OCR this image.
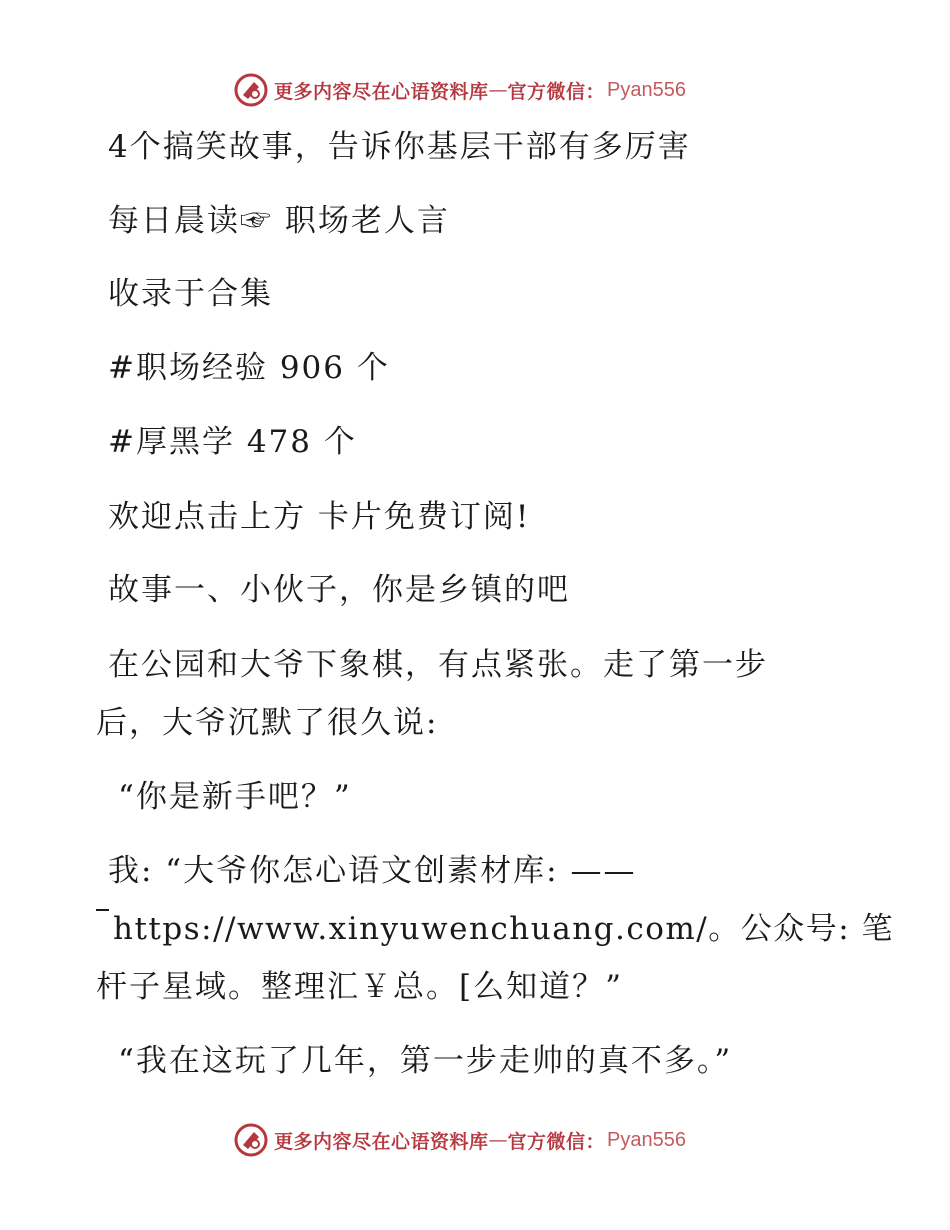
更多内容尽在心语资料库 — 官方微信： Pyan556
4个搞笑故事，告诉你基层干部有多厉害
每日晨读☞ 职场老人言
收录于合集
#职场经验 906 个
#厚黑学 478 个
欢迎点击上方 卡片免费订阅!
故事一、小伙子，你是乡镇的吧
在公园和大爷下象棋，有点紧张。走了第一步
后，大爷沉默了很久说:
“你是新手吧？”
我: “大爷你怎心语文创素材库: ——
https://www.xinyuwenchuang.com/。公众号: 笔
杆子星域。整理汇￥总。[么知道？”
“我在这玩了几年，第一步走帅的真不多。”
更多内容尽在心语资料库 — 官方微信： Pyan556
